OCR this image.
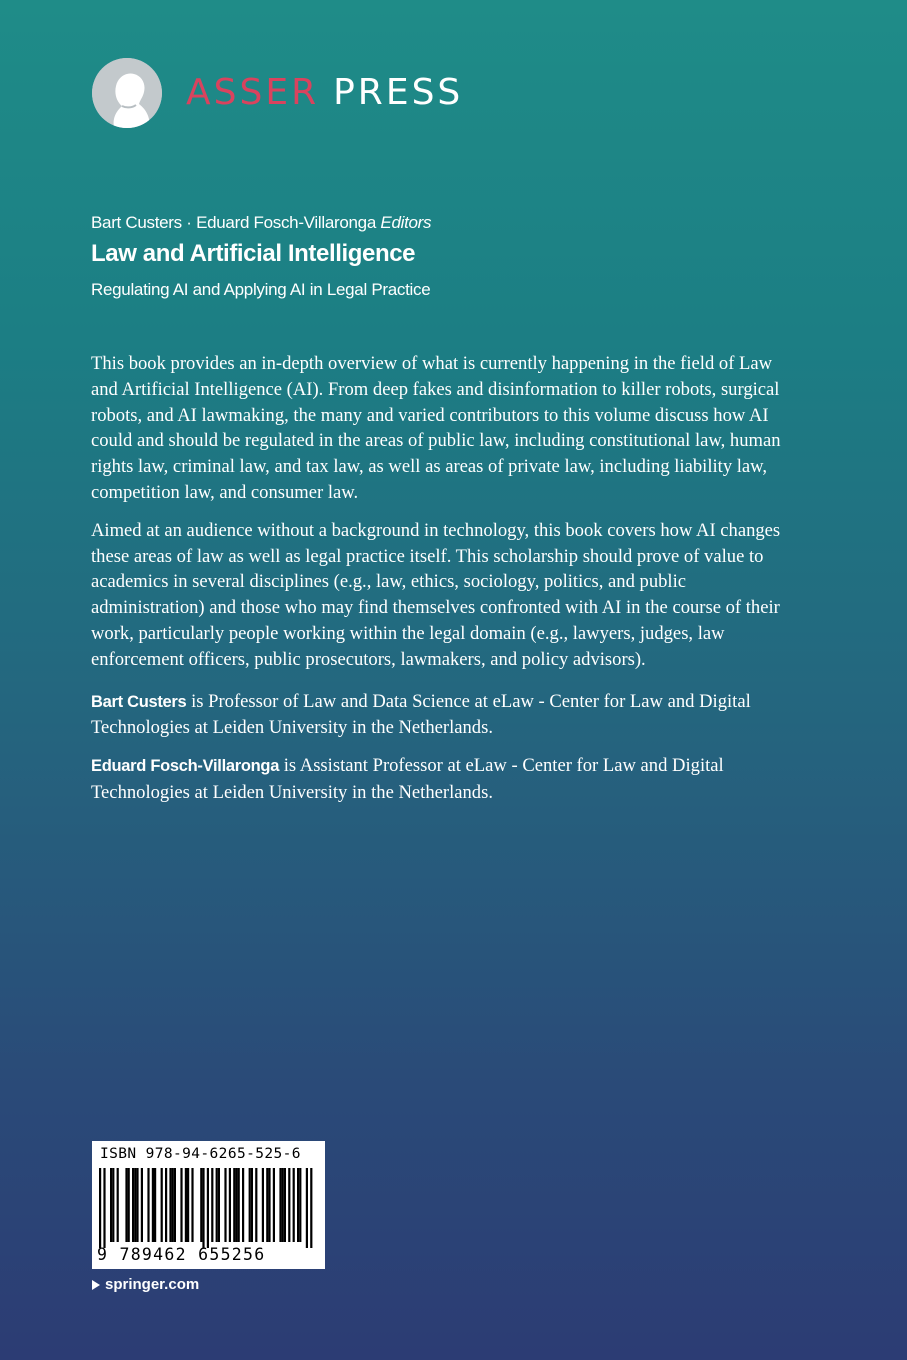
ASSER PRESS
Bart Custers · Eduard Fosch-Villaronga Editors
Law and Artificial Intelligence
Regulating AI and Applying AI in Legal Practice

This book provides an in-depth overview of what is currently happening in the field of Law and Artificial Intelligence (AI). From deep fakes and disinformation to killer robots, surgical robots, and AI lawmaking, the many and varied contributors to this volume discuss how AI could and should be regulated in the areas of public law, including constitutional law, human rights law, criminal law, and tax law, as well as areas of private law, including liability law, competition law, and consumer law.

Aimed at an audience without a background in technology, this book covers how AI changes these areas of law as well as legal practice itself. This scholarship should prove of value to academics in several disciplines (e.g., law, ethics, sociology, politics, and public administration) and those who may find themselves confronted with AI in the course of their work, particularly people working within the legal domain (e.g., lawyers, judges, law enforcement officers, public prosecutors, lawmakers, and policy advisors).

Bart Custers is Professor of Law and Data Science at eLaw - Center for Law and Digital Technologies at Leiden University in the Netherlands.

Eduard Fosch-Villaronga is Assistant Professor at eLaw - Center for Law and Digital Technologies at Leiden University in the Netherlands.

ISBN 978-94-6265-525-6
9 789462 655256
springer.com
